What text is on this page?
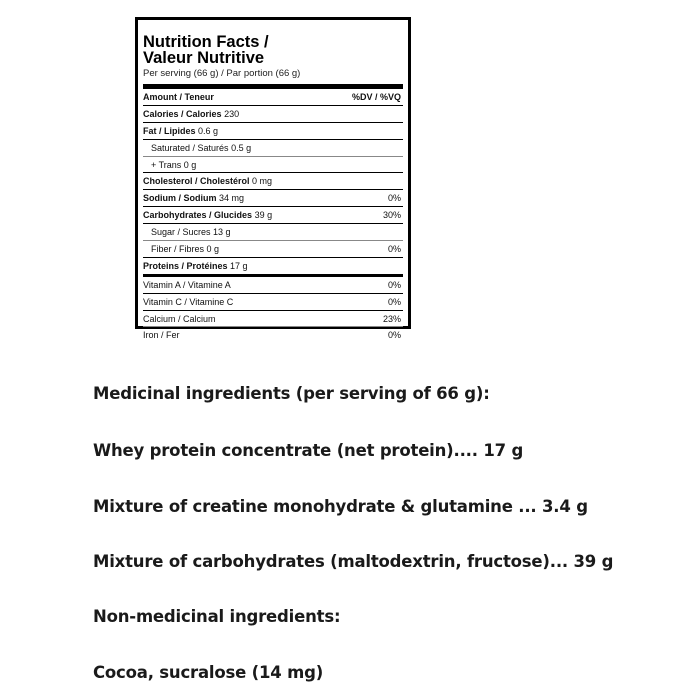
Nutrition Facts /
Valeur Nutritive
Per serving (66 g) / Par portion (66 g)
Amount / Teneur	%DV / %VQ
Calories / Calories 230
Fat / Lipides 0.6 g
Saturated / Saturés 0.5 g
+ Trans 0 g
Cholesterol / Cholestérol 0 mg
Sodium / Sodium 34 mg	0%
Carbohydrates / Glucides 39 g	30%
Sugar / Sucres 13 g
Fiber / Fibres 0 g	0%
Proteins / Protéines 17 g
Vitamin A / Vitamine A	0%
Vitamin C / Vitamine C	0%
Calcium / Calcium	23%
Iron / Fer	0%
Medicinal ingredients (per serving of 66 g):
Whey protein concentrate (net protein).... 17 g
Mixture of creatine monohydrate & glutamine ... 3.4 g
Mixture of carbohydrates (maltodextrin, fructose)... 39 g
Non-medicinal ingredients:
Cocoa, sucralose (14 mg)
